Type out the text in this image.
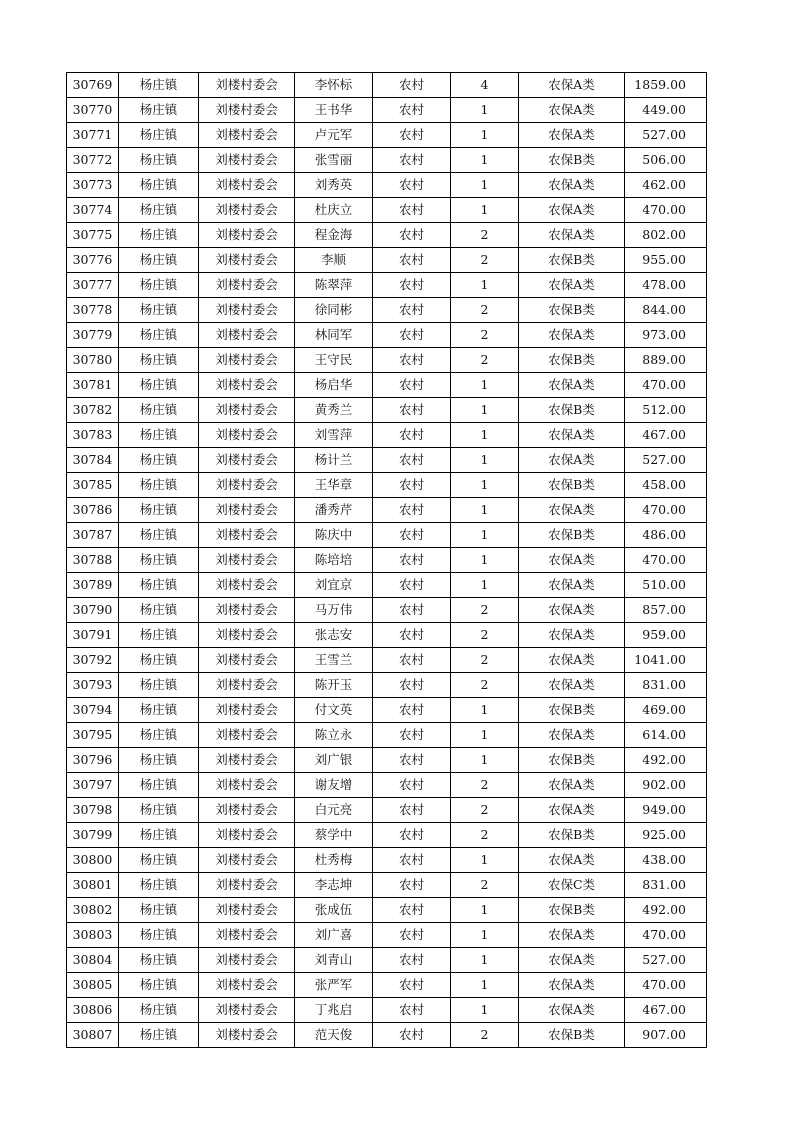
30769	杨庄镇	刘楼村委会	李怀标	农村	4	农保A类	1859.00
30770	杨庄镇	刘楼村委会	王书华	农村	1	农保A类	449.00
30771	杨庄镇	刘楼村委会	卢元军	农村	1	农保A类	527.00
30772	杨庄镇	刘楼村委会	张雪丽	农村	1	农保B类	506.00
30773	杨庄镇	刘楼村委会	刘秀英	农村	1	农保A类	462.00
30774	杨庄镇	刘楼村委会	杜庆立	农村	1	农保A类	470.00
30775	杨庄镇	刘楼村委会	程金海	农村	2	农保A类	802.00
30776	杨庄镇	刘楼村委会	李顺	农村	2	农保B类	955.00
30777	杨庄镇	刘楼村委会	陈翠萍	农村	1	农保A类	478.00
30778	杨庄镇	刘楼村委会	徐同彬	农村	2	农保B类	844.00
30779	杨庄镇	刘楼村委会	林同军	农村	2	农保A类	973.00
30780	杨庄镇	刘楼村委会	王守民	农村	2	农保B类	889.00
30781	杨庄镇	刘楼村委会	杨启华	农村	1	农保A类	470.00
30782	杨庄镇	刘楼村委会	黄秀兰	农村	1	农保B类	512.00
30783	杨庄镇	刘楼村委会	刘雪萍	农村	1	农保A类	467.00
30784	杨庄镇	刘楼村委会	杨计兰	农村	1	农保A类	527.00
30785	杨庄镇	刘楼村委会	王华章	农村	1	农保B类	458.00
30786	杨庄镇	刘楼村委会	潘秀芹	农村	1	农保A类	470.00
30787	杨庄镇	刘楼村委会	陈庆中	农村	1	农保B类	486.00
30788	杨庄镇	刘楼村委会	陈培培	农村	1	农保A类	470.00
30789	杨庄镇	刘楼村委会	刘宜京	农村	1	农保A类	510.00
30790	杨庄镇	刘楼村委会	马万伟	农村	2	农保A类	857.00
30791	杨庄镇	刘楼村委会	张志安	农村	2	农保A类	959.00
30792	杨庄镇	刘楼村委会	王雪兰	农村	2	农保A类	1041.00
30793	杨庄镇	刘楼村委会	陈开玉	农村	2	农保A类	831.00
30794	杨庄镇	刘楼村委会	付文英	农村	1	农保B类	469.00
30795	杨庄镇	刘楼村委会	陈立永	农村	1	农保A类	614.00
30796	杨庄镇	刘楼村委会	刘广银	农村	1	农保B类	492.00
30797	杨庄镇	刘楼村委会	谢友增	农村	2	农保A类	902.00
30798	杨庄镇	刘楼村委会	白元亮	农村	2	农保A类	949.00
30799	杨庄镇	刘楼村委会	蔡学中	农村	2	农保B类	925.00
30800	杨庄镇	刘楼村委会	杜秀梅	农村	1	农保A类	438.00
30801	杨庄镇	刘楼村委会	李志坤	农村	2	农保C类	831.00
30802	杨庄镇	刘楼村委会	张成伍	农村	1	农保B类	492.00
30803	杨庄镇	刘楼村委会	刘广喜	农村	1	农保A类	470.00
30804	杨庄镇	刘楼村委会	刘青山	农村	1	农保A类	527.00
30805	杨庄镇	刘楼村委会	张严军	农村	1	农保A类	470.00
30806	杨庄镇	刘楼村委会	丁兆启	农村	1	农保A类	467.00
30807	杨庄镇	刘楼村委会	范天俊	农村	2	农保B类	907.00
